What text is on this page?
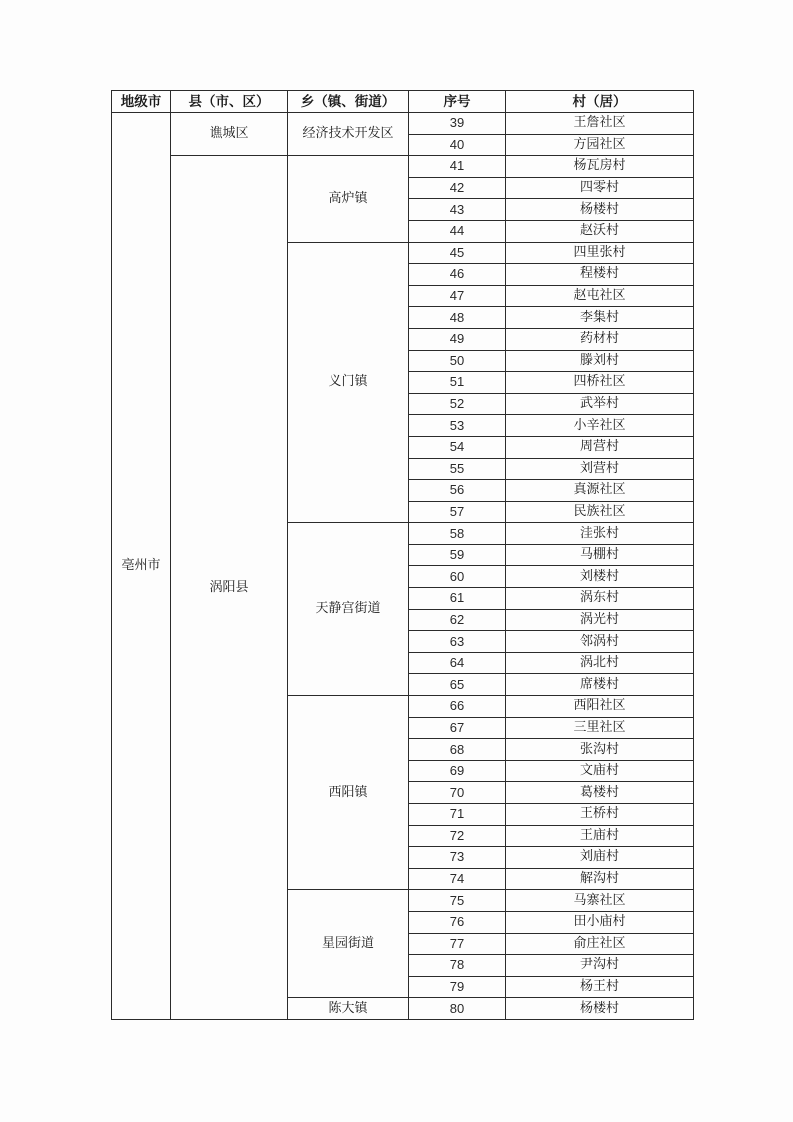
地级市	县（市、区）	乡（镇、街道）	序号	村（居）
亳州市	谯城区	经济技术开发区	39	王詹社区
			40	方园社区
	涡阳县	高炉镇	41	杨瓦房村
			42	四零村
			43	杨楼村
			44	赵沃村
		义门镇	45	四里张村
			46	程楼村
			47	赵屯社区
			48	李集村
			49	药材村
			50	滕刘村
			51	四桥社区
			52	武举村
			53	小辛社区
			54	周营村
			55	刘营村
			56	真源社区
			57	民族社区
		天静宫街道	58	洼张村
			59	马棚村
			60	刘楼村
			61	涡东村
			62	涡光村
			63	邻涡村
			64	涡北村
			65	席楼村
		西阳镇	66	西阳社区
			67	三里社区
			68	张沟村
			69	文庙村
			70	葛楼村
			71	王桥村
			72	王庙村
			73	刘庙村
			74	解沟村
		星园街道	75	马寨社区
			76	田小庙村
			77	俞庄社区
			78	尹沟村
			79	杨王村
		陈大镇	80	杨楼村
